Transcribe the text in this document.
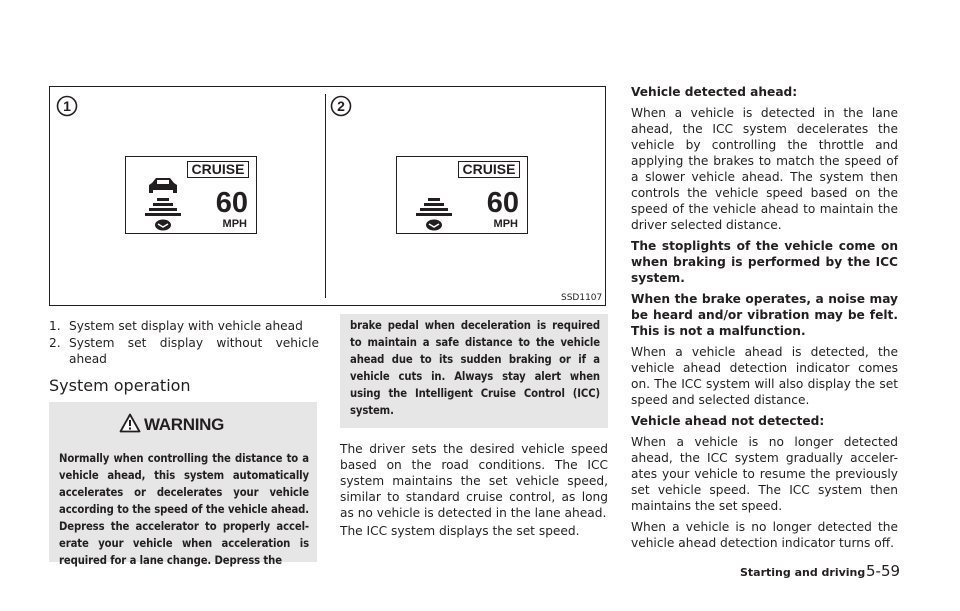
1	2
CRUISE
60
MPH
CRUISE
60
MPH
SSD1107
1. System set display with vehicle ahead
2. System set display without vehicle ahead
System operation
WARNING
Normally when controlling the distance to a vehicle ahead, this system automatically accelerates or decelerates your vehicle according to the speed of the vehicle ahead. Depress the accelerator to properly accel-erate your vehicle when acceleration is required for a lane change. Depress the
brake pedal when deceleration is required to maintain a safe distance to the vehicle ahead due to its sudden braking or if a vehicle cuts in. Always stay alert when using the Intelligent Cruise Control (ICC) system.
The driver sets the desired vehicle speed based on the road conditions. The ICC system maintains the set vehicle speed, similar to standard cruise control, as long as no vehicle is detected in the lane ahead.
The ICC system displays the set speed.
Vehicle detected ahead:
When a vehicle is detected in the lane ahead, the ICC system decelerates the vehicle by controlling the throttle and applying the brakes to match the speed of a slower vehicle ahead. The system then controls the vehicle speed based on the speed of the vehicle ahead to maintain the driver selected distance.
The stoplights of the vehicle come on when braking is performed by the ICC system.
When the brake operates, a noise may be heard and/or vibration may be felt. This is not a malfunction.
When a vehicle ahead is detected, the vehicle ahead detection indicator comes on. The ICC system will also display the set speed and selected distance.
Vehicle ahead not detected:
When a vehicle is no longer detected ahead, the ICC system gradually acceler-ates your vehicle to resume the previously set vehicle speed. The ICC system then maintains the set speed.
When a vehicle is no longer detected the vehicle ahead detection indicator turns off.
Starting and driving 5-59
